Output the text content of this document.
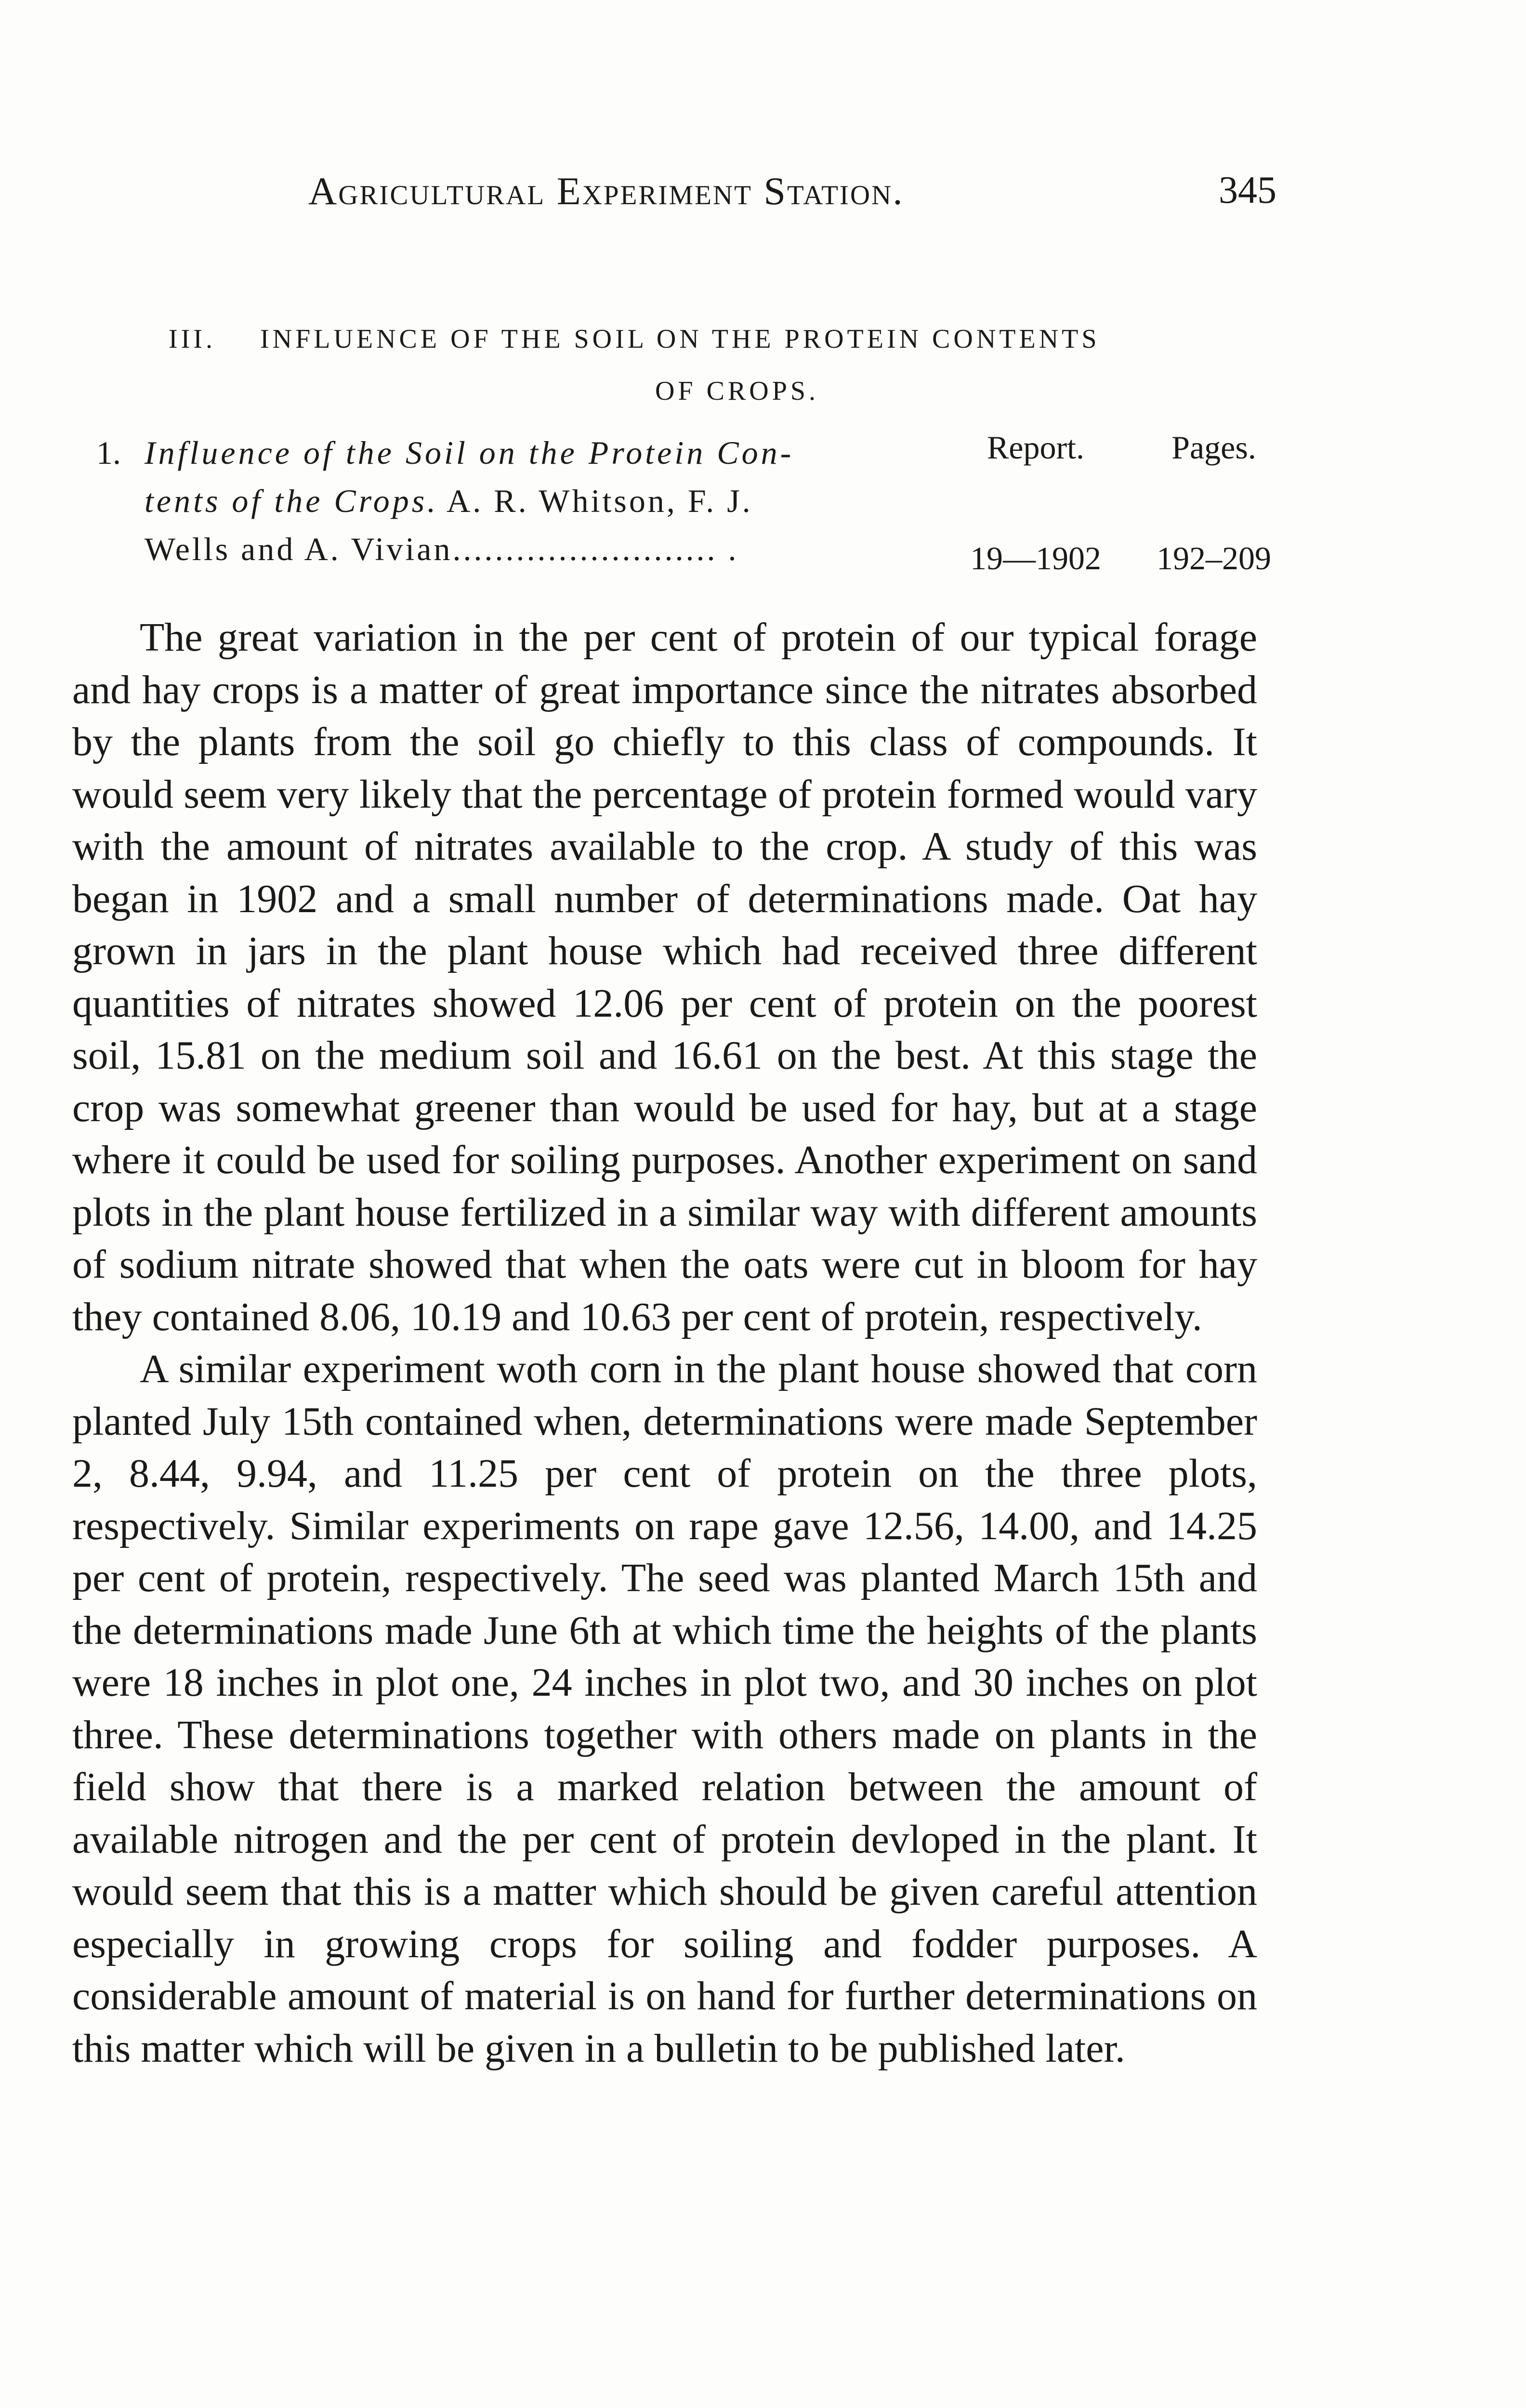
Agricultural Experiment Station.	345
III.	INFLUENCE OF THE SOIL ON THE PROTEIN CONTENTS
OF CROPS.
1. Influence of the Soil on the Protein Con-
tents of the Crops. A. R. Whitson, F. J.
Wells and A. Vivian......................... .
Report.
19—1902
Pages.
192–209

The great variation in the per cent of protein of our typical forage and hay crops is a matter of great importance since the nitrates absorbed by the plants from the soil go chiefly to this class of compounds. It would seem very likely that the percentage of protein formed would vary with the amount of nitrates available to the crop. A study of this was began in 1902 and a small number of determinations made. Oat hay grown in jars in the plant house which had received three different quantities of nitrates showed 12.06 per cent of protein on the poorest soil, 15.81 on the medium soil and 16.61 on the best. At this stage the crop was somewhat greener than would be used for hay, but at a stage where it could be used for soiling purposes. Another experiment on sand plots in the plant house fertilized in a similar way with different amounts of sodium nitrate showed that when the oats were cut in bloom for hay they contained 8.06, 10.19 and 10.63 per cent of protein, respectively.

A similar experiment woth corn in the plant house showed that corn planted July 15th contained when, determinations were made September 2, 8.44, 9.94, and 11.25 per cent of protein on the three plots, respectively. Similar experiments on rape gave 12.56, 14.00, and 14.25 per cent of protein, respectively. The seed was planted March 15th and the determinations made June 6th at which time the heights of the plants were 18 inches in plot one, 24 inches in plot two, and 30 inches on plot three. These determinations together with others made on plants in the field show that there is a marked relation between the amount of available nitrogen and the per cent of protein devloped in the plant. It would seem that this is a matter which should be given careful attention especially in growing crops for soiling and fodder purposes. A considerable amount of material is on hand for further determinations on this matter which will be given in a bulletin to be published later.
